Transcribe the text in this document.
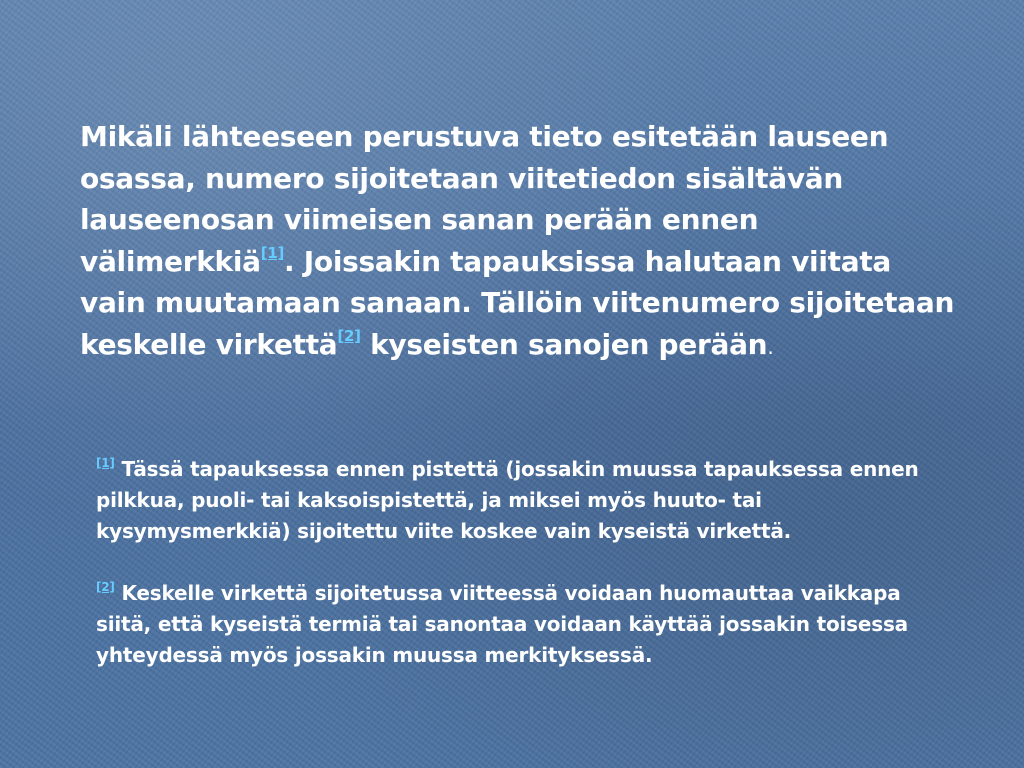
Mikäli lähteeseen perustuva tieto esitetään lauseen osassa, numero sijoitetaan viitetiedon sisältävän lauseenosan viimeisen sanan perään ennen välimerkkiä[1]. Joissakin tapauksissa halutaan viitata vain muutamaan sanaan. Tällöin viitenumero sijoitetaan keskelle virkettä[2] kyseisten sanojen perään.

[1] Tässä tapauksessa ennen pistettä (jossakin muussa tapauksessa ennen pilkkua, puoli- tai kaksoispistettä, ja miksei myös huuto- tai kysymysmerkkiä) sijoitettu viite koskee vain kyseistä virkettä.

[2] Keskelle virkettä sijoitetussa viitteessä voidaan huomauttaa vaikkapa siitä, että kyseistä termiä tai sanontaa voidaan käyttää jossakin toisessa yhteydessä myös jossakin muussa merkityksessä.
